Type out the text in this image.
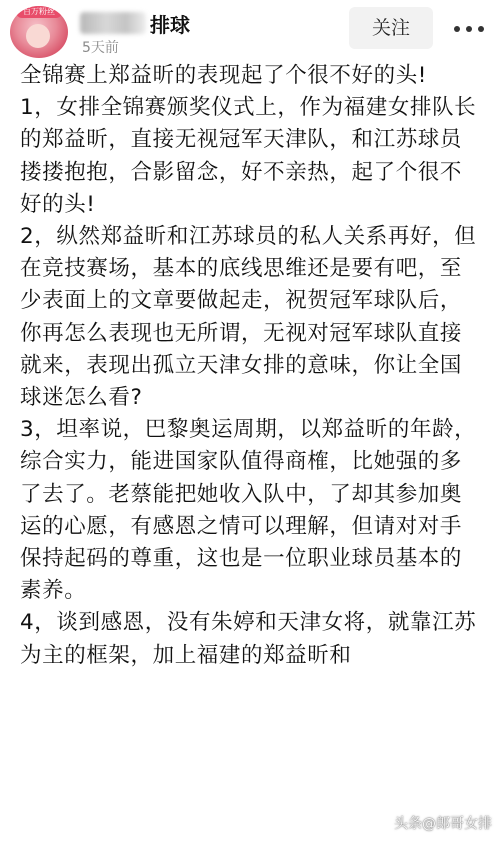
百万粉丝
排球
5天前
关注

全锦赛上郑益昕的表现起了个很不好的头!

1，女排全锦赛颁奖仪式上，作为福建女排队长的郑益昕，直接无视冠军天津队，和江苏球员搂搂抱抱，合影留念，好不亲热，起了个很不好的头!

2，纵然郑益昕和江苏球员的私人关系再好，但在竞技赛场，基本的底线思维还是要有吧，至少表面上的文章要做起走，祝贺冠军球队后，你再怎么表现也无所谓，无视对冠军球队直接就来，表现出孤立天津女排的意味，你让全国球迷怎么看?

3，坦率说，巴黎奥运周期，以郑益昕的年龄，综合实力，能进国家队值得商榷，比她强的多了去了。老蔡能把她收入队中，了却其参加奥运的心愿，有感恩之情可以理解，但请对对手保持起码的尊重，这也是一位职业球员基本的素养。

4，谈到感恩，没有朱婷和天津女将，就靠江苏为主的框架，加上福建的郑益昕和

头条@郎哥女排
